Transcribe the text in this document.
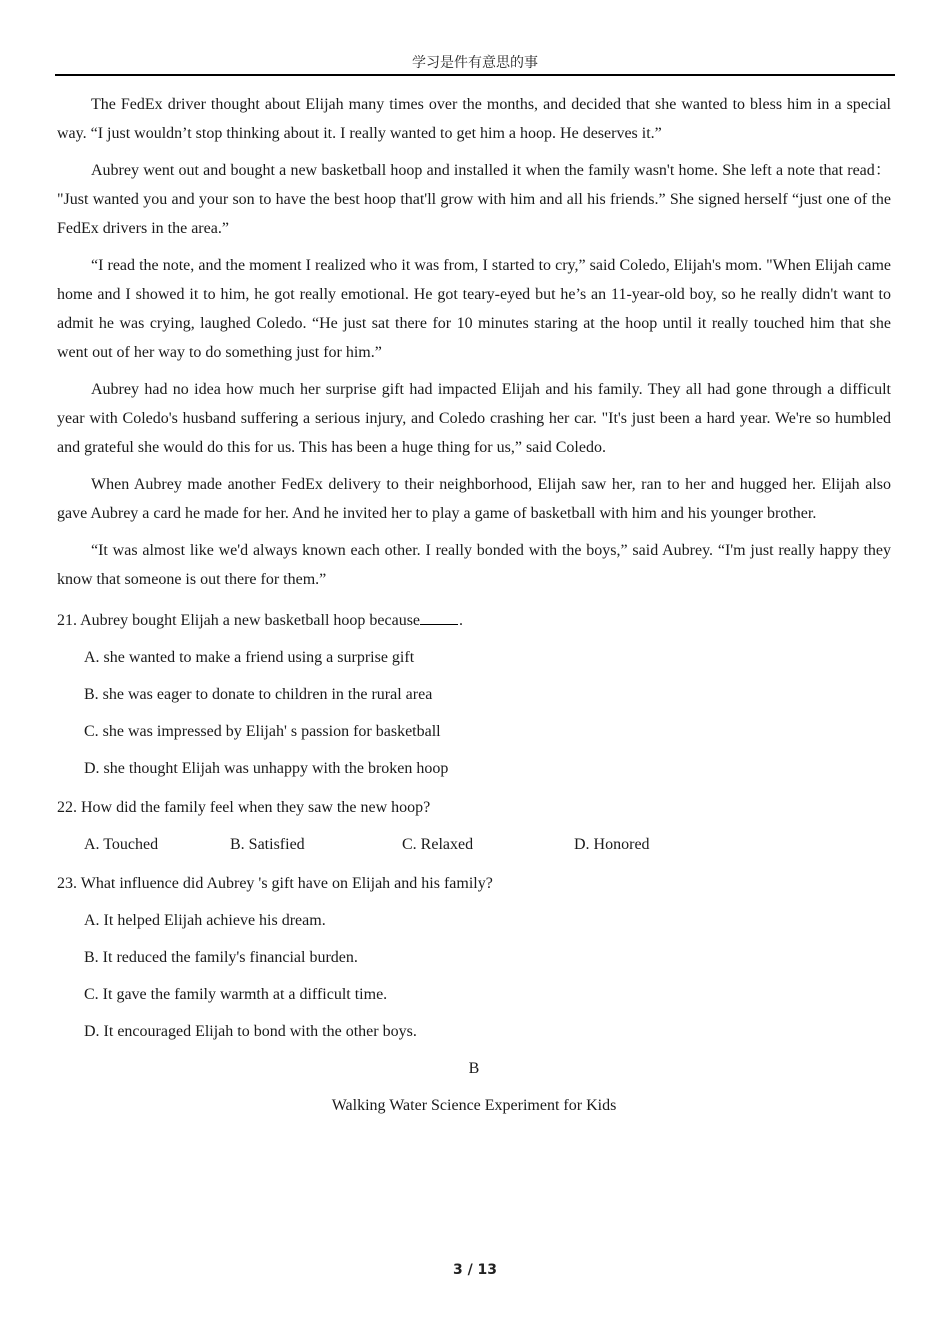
学习是件有意思的事

The FedEx driver thought about Elijah many times over the months, and decided that she wanted to bless him in a special way. “I just wouldn’t stop thinking about it. I really wanted to get him a hoop. He deserves it.”

Aubrey went out and bought a new basketball hoop and installed it when the family wasn't home. She left a note that read： "Just wanted you and your son to have the best hoop that'll grow with him and all his friends.” She signed herself “just one of the FedEx drivers in the area.”

“I read the note, and the moment I realized who it was from, I started to cry,” said Coledo, Elijah's mom. "When Elijah came home and I showed it to him, he got really emotional. He got teary-eyed but he’s an 11-year-old boy, so he really didn't want to admit he was crying, laughed Coledo. “He just sat there for 10 minutes staring at the hoop until it really touched him that she went out of her way to do something just for him.”

Aubrey had no idea how much her surprise gift had impacted Elijah and his family. They all had gone through a difficult year with Coledo's husband suffering a serious injury, and Coledo crashing her car. "It's just been a hard year. We're so humbled and grateful she would do this for us. This has been a huge thing for us,” said Coledo.

When Aubrey made another FedEx delivery to their neighborhood, Elijah saw her, ran to her and hugged her. Elijah also gave Aubrey a card he made for her. And he invited her to play a game of basketball with him and his younger brother.

“It was almost like we'd always known each other. I really bonded with the boys,” said Aubrey. “I'm just really happy they know that someone is out there for them.”

21. Aubrey bought Elijah a new basketball hoop because .
A. she wanted to make a friend using a surprise gift
B. she was eager to donate to children in the rural area
C. she was impressed by Elijah' s passion for basketball
D. she thought Elijah was unhappy with the broken hoop
22. How did the family feel when they saw the new hoop?
A. Touched	B. Satisfied	C. Relaxed	D. Honored
23. What influence did Aubrey 's gift have on Elijah and his family?
A. It helped Elijah achieve his dream.
B. It reduced the family's financial burden.
C. It gave the family warmth at a difficult time.
D. It encouraged Elijah to bond with the other boys.

B

Walking Water Science Experiment for Kids

3 / 13
